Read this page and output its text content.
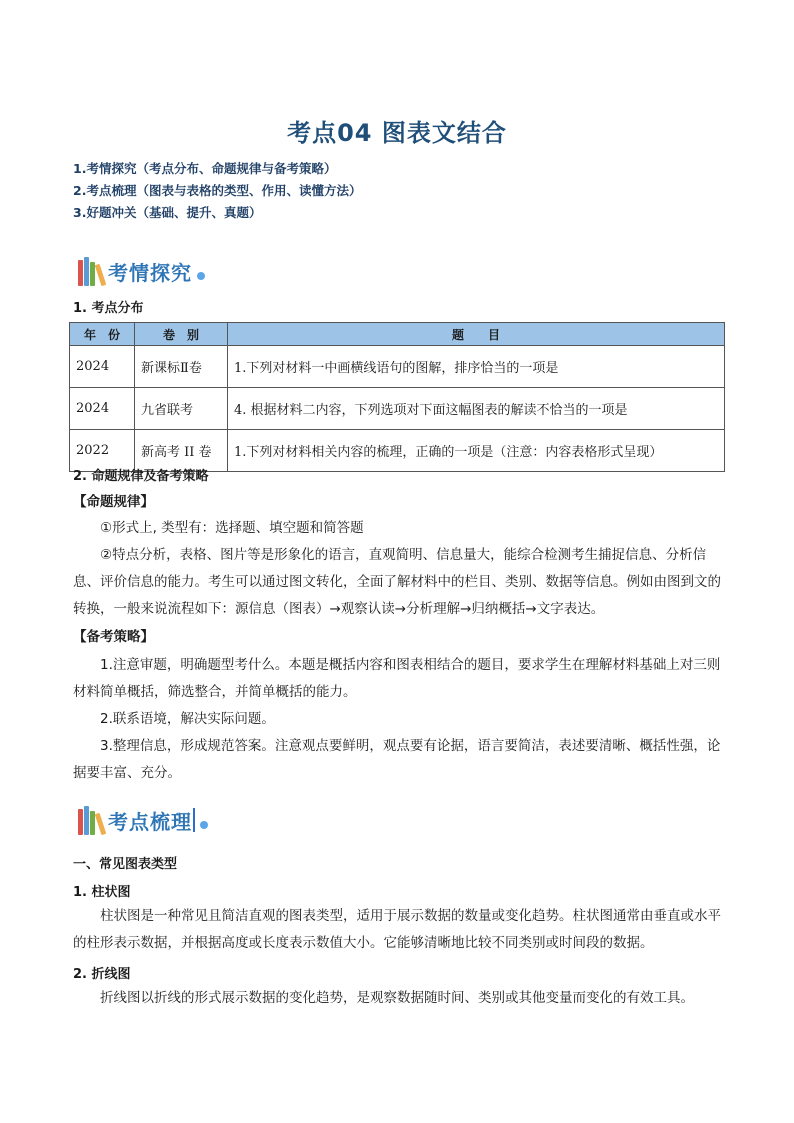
考点04 图表文结合
1.考情探究（考点分布、命题规律与备考策略）
2.考点梳理（图表与表格的类型、作用、读懂方法）
3.好题冲关（基础、提升、真题）
考情探究
1. 考点分布
年　份	卷　别	题　　目
2024	新课标Ⅱ卷	1.下列对材料一中画横线语句的图解，排序恰当的一项是
2024	九省联考	4. 根据材料二内容，下列选项对下面这幅图表的解读不恰当的一项是
2022	新高考 II 卷	1.下列对材料相关内容的梳理，正确的一项是（注意：内容表格形式呈现）
2. 命题规律及备考策略
【命题规律】
①形式上, 类型有：选择题、填空题和简答题
②特点分析，表格、图片等是形象化的语言，直观简明、信息量大，能综合检测考生捕捉信息、分析信息、评价信息的能力。考生可以通过图文转化，全面了解材料中的栏目、类别、数据等信息。例如由图到文的转换，一般来说流程如下：源信息（图表）→观察认读→分析理解→归纳概括→文字表达。
【备考策略】
1.注意审题，明确题型考什么。本题是概括内容和图表相结合的题目，要求学生在理解材料基础上对三则材料简单概括，筛选整合，并简单概括的能力。
2.联系语境，解决实际问题。
3.整理信息，形成规范答案。注意观点要鲜明，观点要有论据，语言要简洁，表述要清晰、概括性强，论据要丰富、充分。
考点梳理
一、常见图表类型
1. 柱状图
柱状图是一种常见且简洁直观的图表类型，适用于展示数据的数量或变化趋势。柱状图通常由垂直或水平的柱形表示数据，并根据高度或长度表示数值大小。它能够清晰地比较不同类别或时间段的数据。
2. 折线图
折线图以折线的形式展示数据的变化趋势，是观察数据随时间、类别或其他变量而变化的有效工具。
